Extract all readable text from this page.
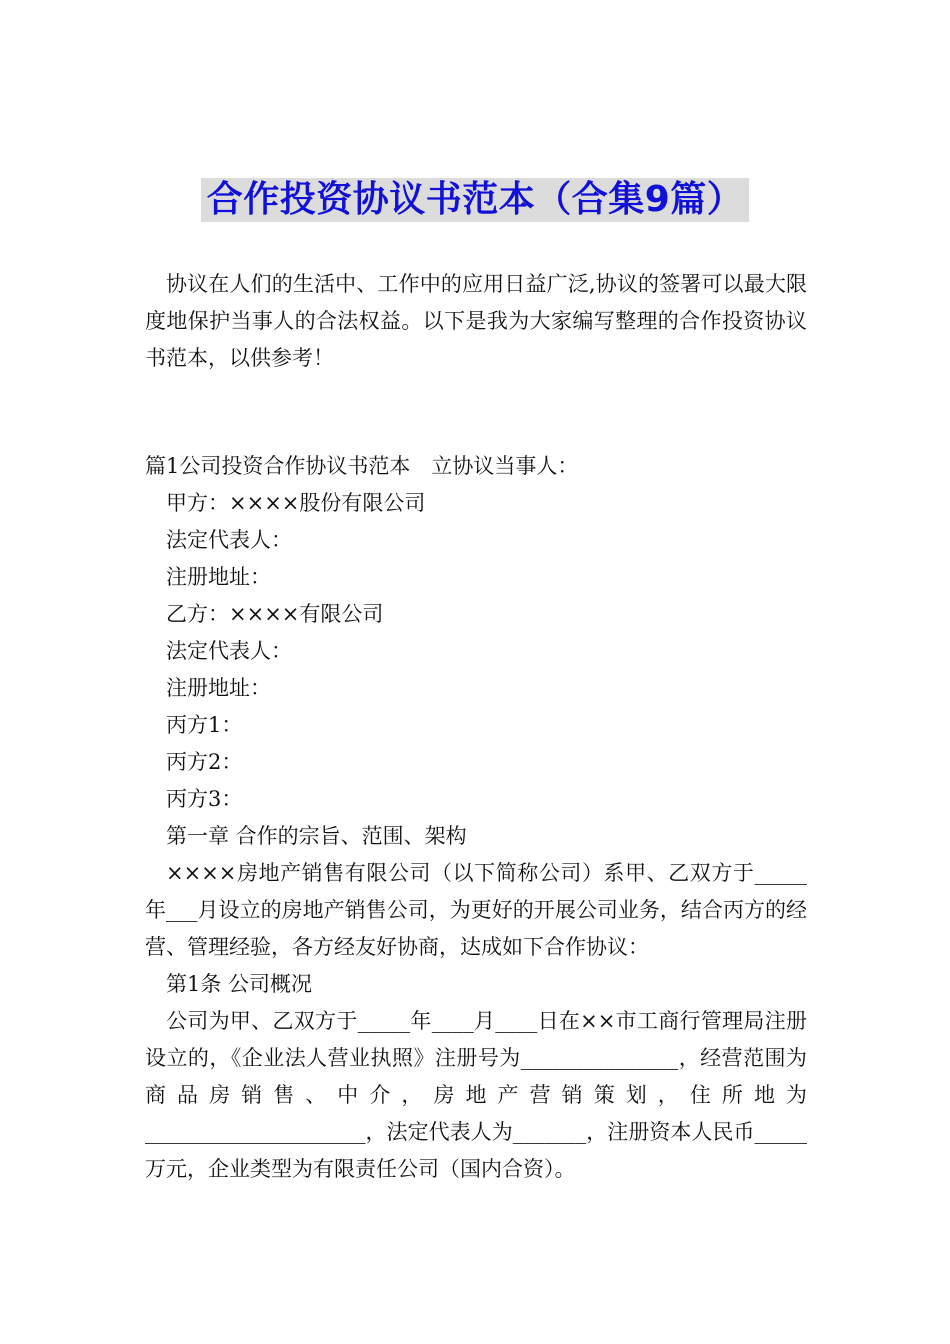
合作投资协议书范本（合集9篇）

协议在人们的生活中、工作中的应用日益广泛,协议的签署可以最大限度地保护当事人的合法权益。以下是我为大家编写整理的合作投资协议书范本，以供参考！

篇1公司投资合作协议书范本　立协议当事人：

甲方：××××股份有限公司

法定代表人：

注册地址：

乙方：××××有限公司

法定代表人：

注册地址：

丙方1：

丙方2：

丙方3：

第一章 合作的宗旨、范围、架构

××××房地产销售有限公司（以下简称公司）系甲、乙双方于_____年___月设立的房地产销售公司，为更好的开展公司业务，结合丙方的经营、管理经验，各方经友好协商，达成如下合作协议：

第1条 公司概况

公司为甲、乙双方于_____年____月____日在××市工商行管理局注册设立的，《企业法人营业执照》注册号为_______________，经营范围为商品房销售、中介，房地产营销策划，住所地为_____________________，法定代表人为_______，注册资本人民币_____万元，企业类型为有限责任公司（国内合资）。
